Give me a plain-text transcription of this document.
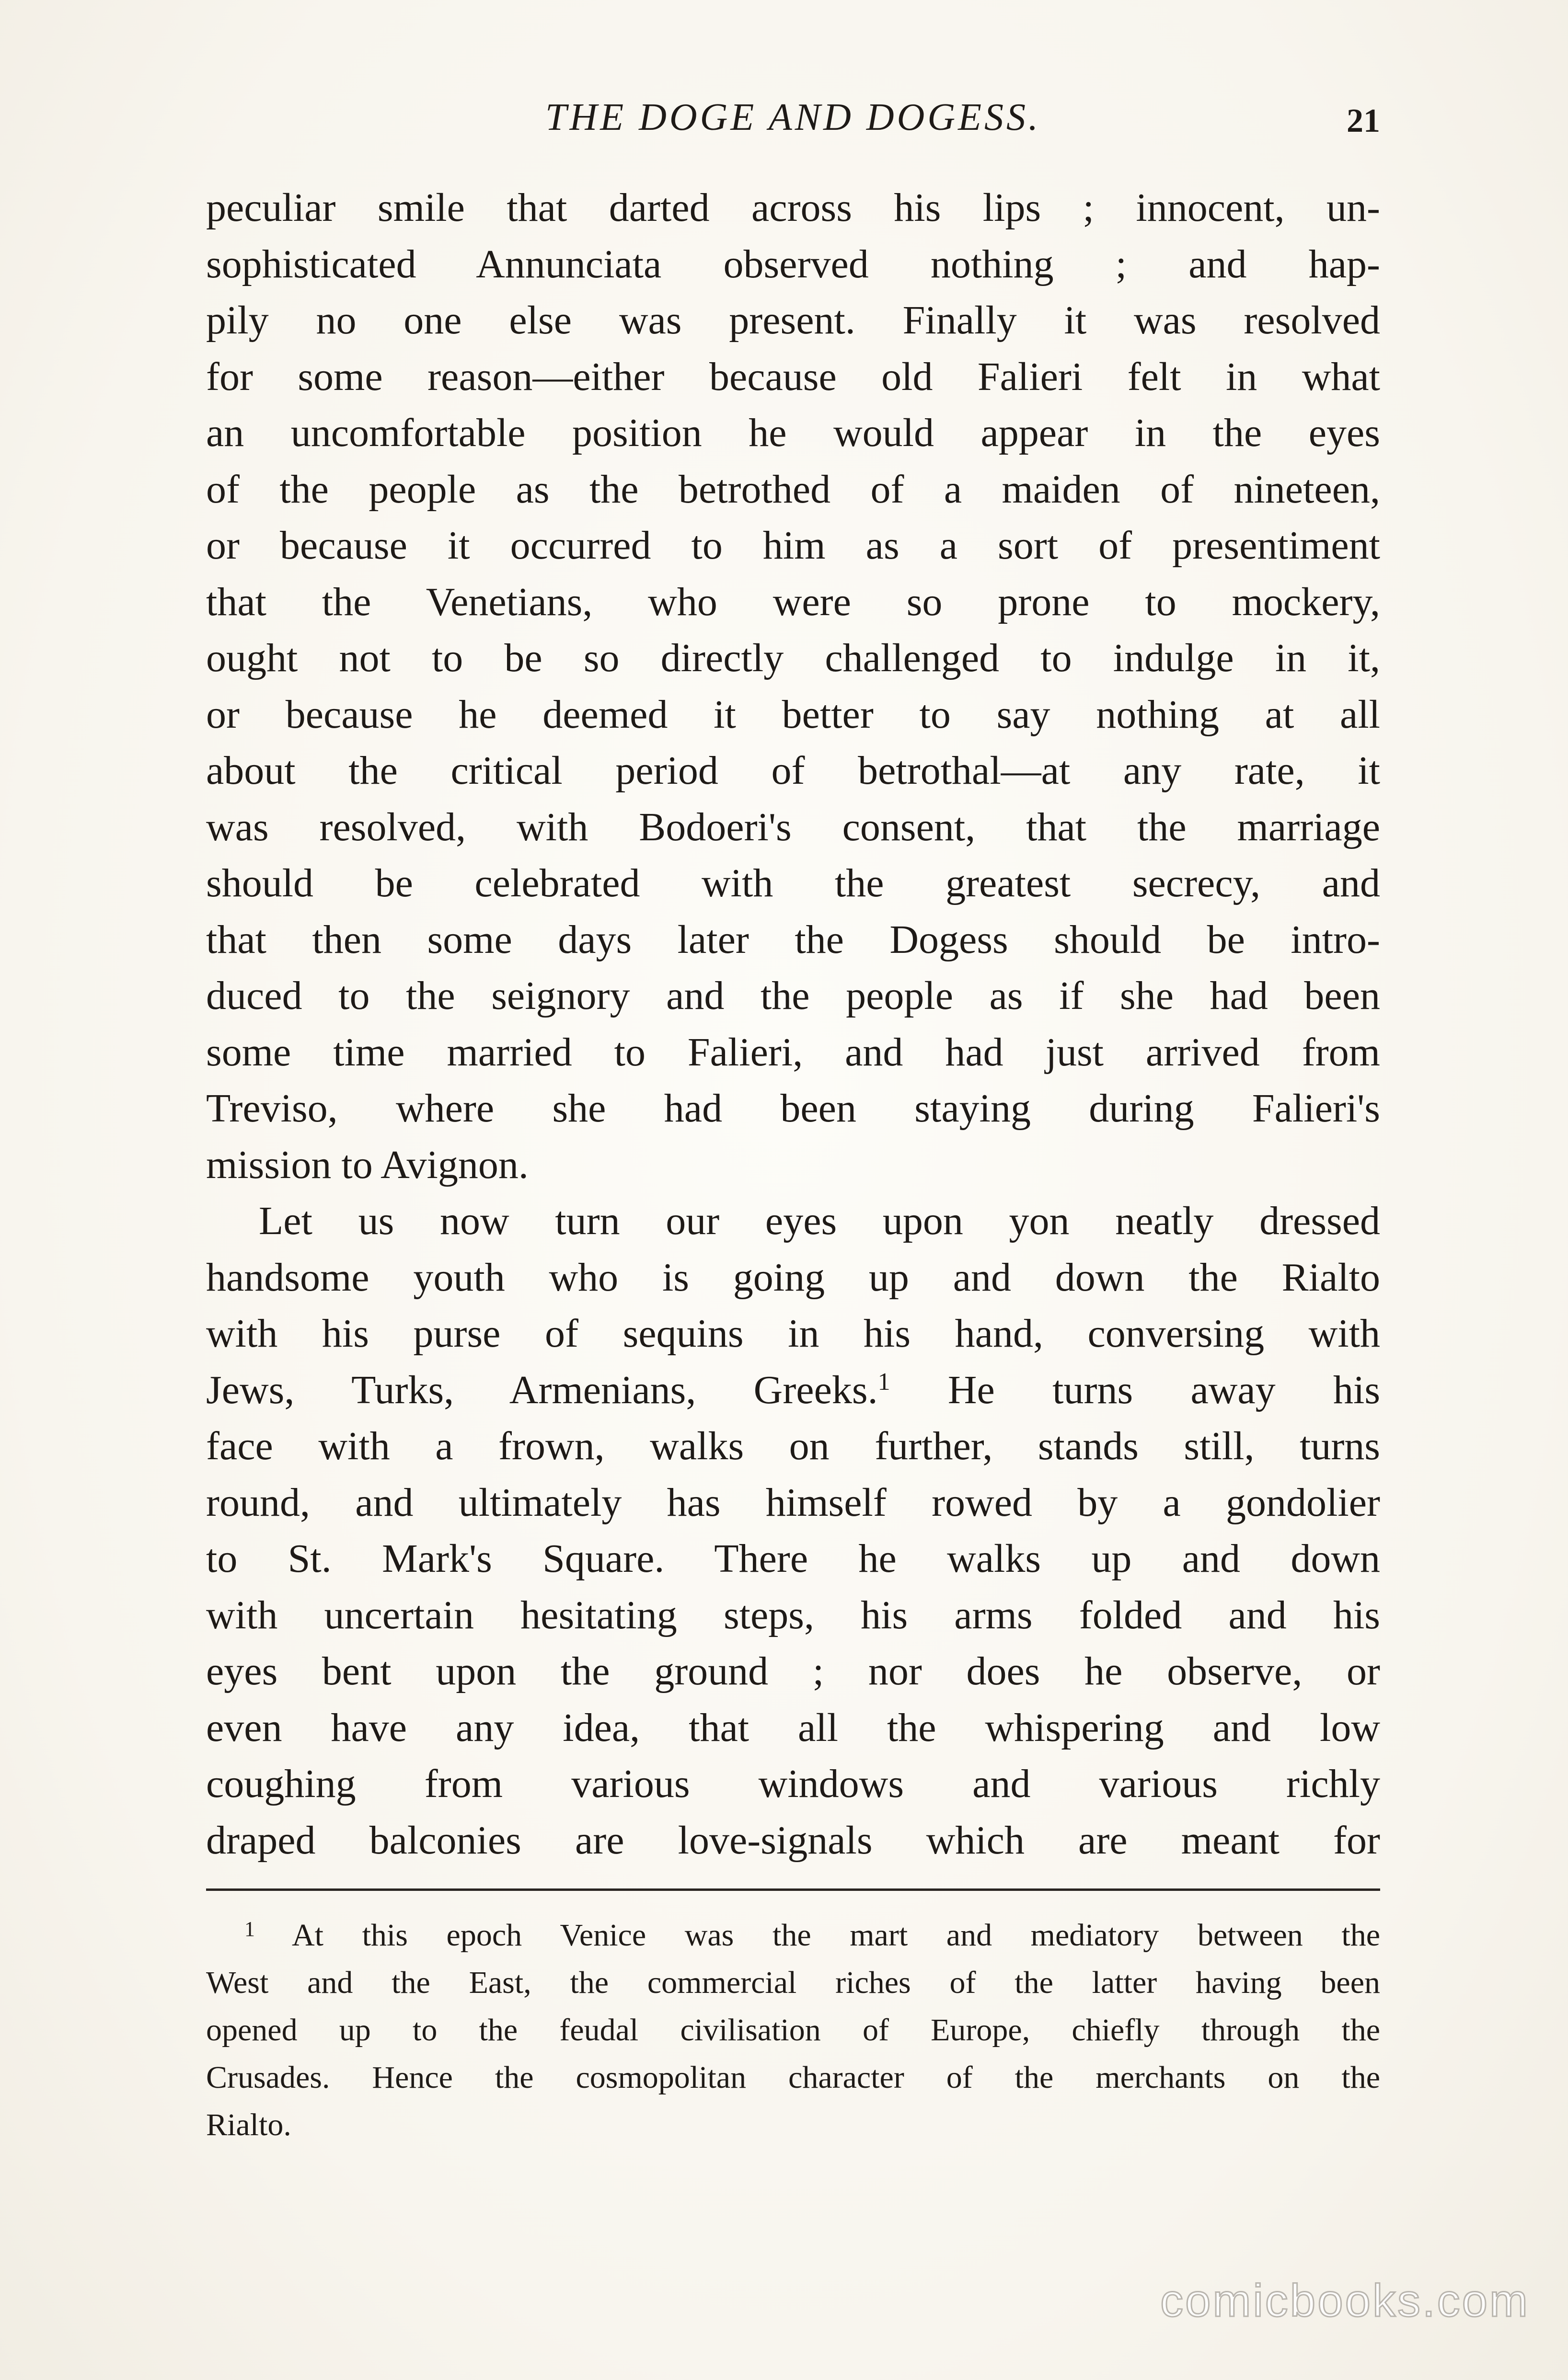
THE DOGE AND DOGESS.	21
peculiar smile that darted across his lips ; innocent, un-
sophisticated Annunciata observed nothing ; and hap-
pily no one else was present. Finally it was resolved
for some reason—either because old Falieri felt in what
an uncomfortable position he would appear in the eyes
of the people as the betrothed of a maiden of nineteen,
or because it occurred to him as a sort of presentiment
that the Venetians, who were so prone to mockery,
ought not to be so directly challenged to indulge in it,
or because he deemed it better to say nothing at all
about the critical period of betrothal—at any rate, it
was resolved, with Bodoeri's consent, that the marriage
should be celebrated with the greatest secrecy, and
that then some days later the Dogess should be intro-
duced to the seignory and the people as if she had been
some time married to Falieri, and had just arrived from
Treviso, where she had been staying during Falieri's
mission to Avignon.
Let us now turn our eyes upon yon neatly dressed
handsome youth who is going up and down the Rialto
with his purse of sequins in his hand, conversing with
Jews, Turks, Armenians, Greeks.$^1$ He turns away his
face with a frown, walks on further, stands still, turns
round, and ultimately has himself rowed by a gondolier
to St. Mark's Square. There he walks up and down
with uncertain hesitating steps, his arms folded and his
eyes bent upon the ground ; nor does he observe, or
even have any idea, that all the whispering and low
coughing from various windows and various richly
draped balconies are love-signals which are meant for
$^1$ At this epoch Venice was the mart and mediatory between the
West and the East, the commercial riches of the latter having been
opened up to the feudal civilisation of Europe, chiefly through the
Crusades. Hence the cosmopolitan character of the merchants on the
Rialto.
comicbooks.com
